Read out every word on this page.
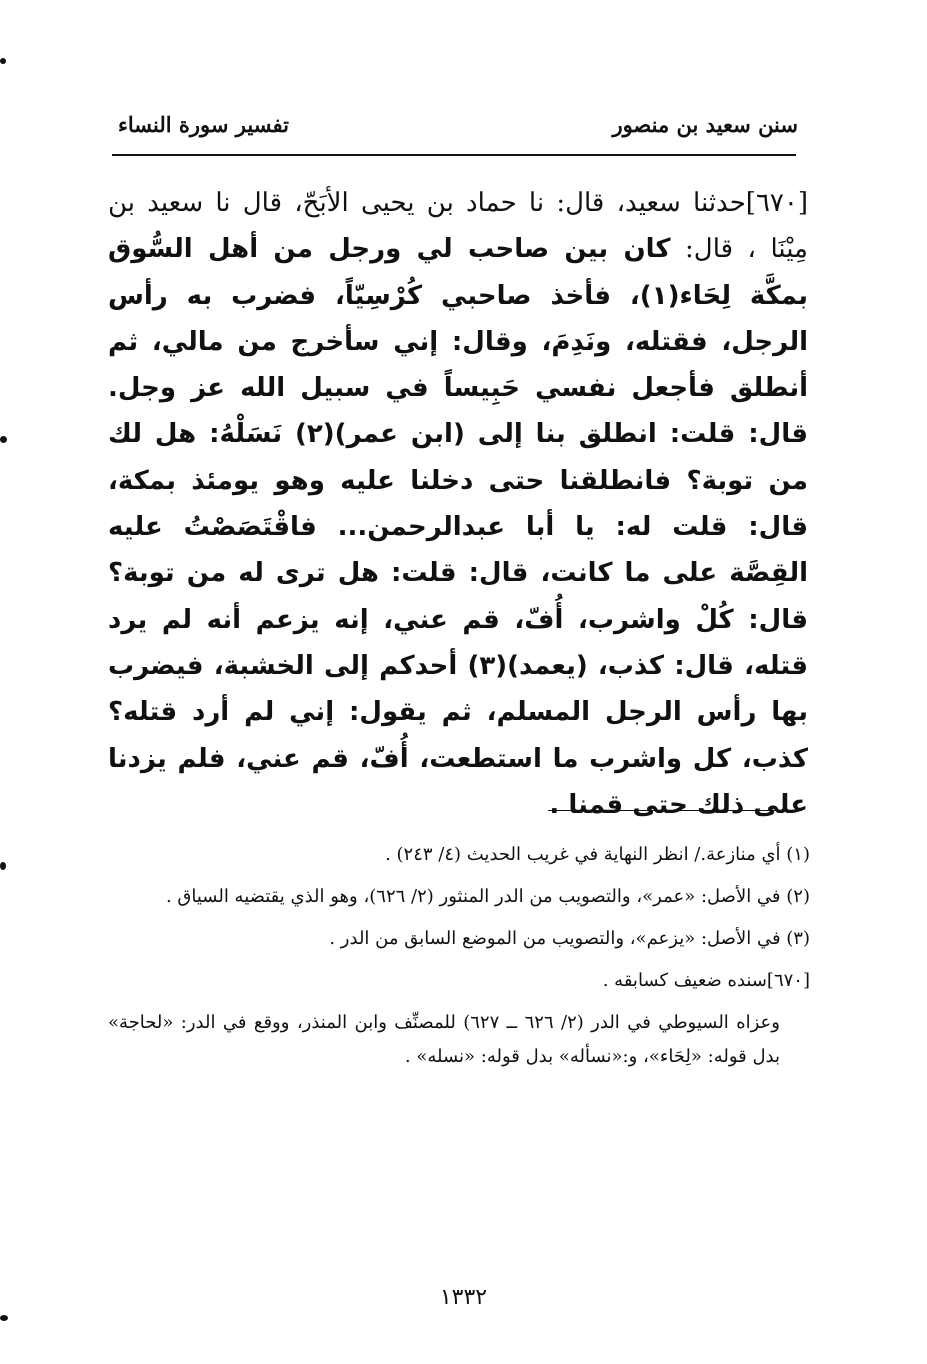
سنن سعيد بن منصور
تفسير سورة النساء
[٦٧٠]حدثنا سعيد، قال: نا حماد بن يحيى الأبَحّ، قال نا سعيد بن مِيْنَا ، قال: كان بين صاحب لي ورجل من أهل السُّوق بمكَّة لِحَاء(١)، فأخذ صاحبي كُرْسِيّاً، فضرب به رأس الرجل، فقتله، ونَدِمَ، وقال: إني سأخرج من مالي، ثم أنطلق فأجعل نفسي حَبِيساً في سبيل الله عز وجل. قال: قلت: انطلق بنا إلى (ابن عمر)(٢) نَسَلْهُ: هل لك من توبة؟ فانطلقنا حتى دخلنا عليه وهو يومئذ بمكة، قال: قلت له: يا أبا عبدالرحمن... فاقْتَصَصْتُ عليه القِصَّة على ما كانت، قال: قلت: هل ترى له من توبة؟ قال: كُلْ واشرب، أُفّ، قم عني، إنه يزعم أنه لم يرد قتله، قال: كذب، (يعمد)(٣) أحدكم إلى الخشبة، فيضرب بها رأس الرجل المسلم، ثم يقول: إني لم أرد قتله؟ كذب، كل واشرب ما استطعت، أُفّ، قم عني، فلم يزدنا على ذلك حتى قمنا .
(١) أي منازعة./ انظر النهاية في غريب الحديث (٤/ ٢٤٣) .
(٢) في الأصل: «عمر»، والتصويب من الدر المنثور (٢/ ٦٢٦)، وهو الذي يقتضيه السياق .
(٣) في الأصل: «يزعم»، والتصويب من الموضع السابق من الدر .
[٦٧٠]سنده ضعيف كسابقه .
وعزاه السيوطي في الدر (٢/ ٦٢٦ ــ ٦٢٧) للمصنِّف وابن المنذر، ووقع في الدر: «لحاجة» بدل قوله: «لِحَاء»، و:«نسأله» بدل قوله: «نسله» .
١٣٣٢
